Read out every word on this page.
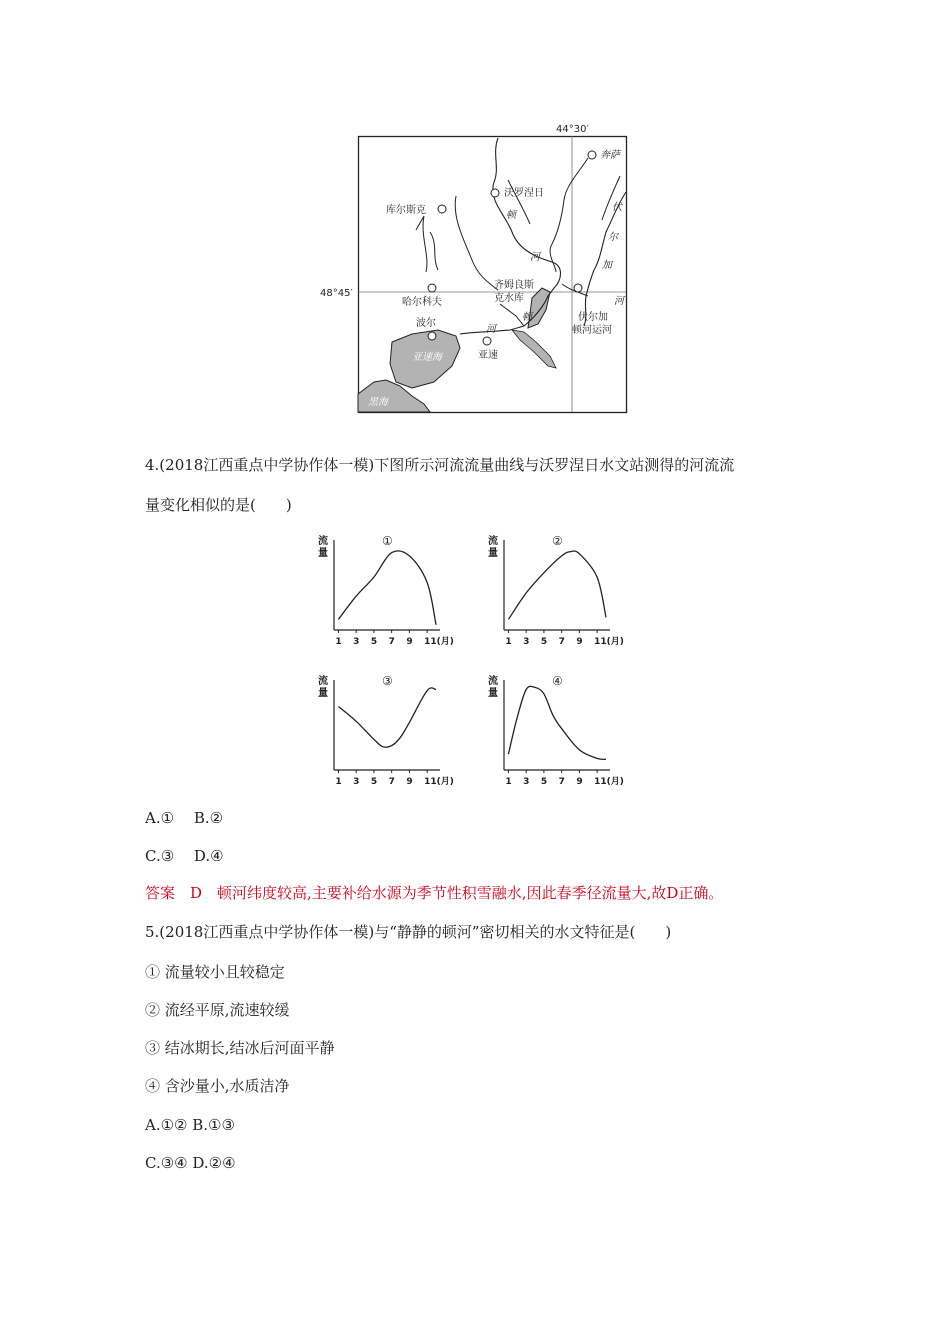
44°30′
48°45′
奔萨
沃罗涅日
库尔斯克
哈尔科夫
波尔
亚速
伏尔加
顿河运河
齐姆良斯
克水库
亚速海
黑海
顿
河
顿
河
伏
尔
加
河
4.(2018江西重点中学协作体一模)下图所示河流流量曲线与沃罗涅日水文站测得的河流流
量变化相似的是(　　)
流
量
①
1 3 5 7 9 11(月)
流
量
②
1 3 5 7 9 11(月)
流
量
③
1 3 5 7 9 11(月)
流
量
④
1 3 5 7 9 11(月)
A.①　 B.②
C.③　 D.④
答案　D　顿河纬度较高,主要补给水源为季节性积雪融水,因此春季径流量大,故D正确。
5.(2018江西重点中学协作体一模)与“静静的顿河”密切相关的水文特征是(　　)
① 流量较小且较稳定
② 流经平原,流速较缓
③ 结冰期长,结冰后河面平静
④ 含沙量小,水质洁净
A.①② B.①③
C.③④ D.②④
